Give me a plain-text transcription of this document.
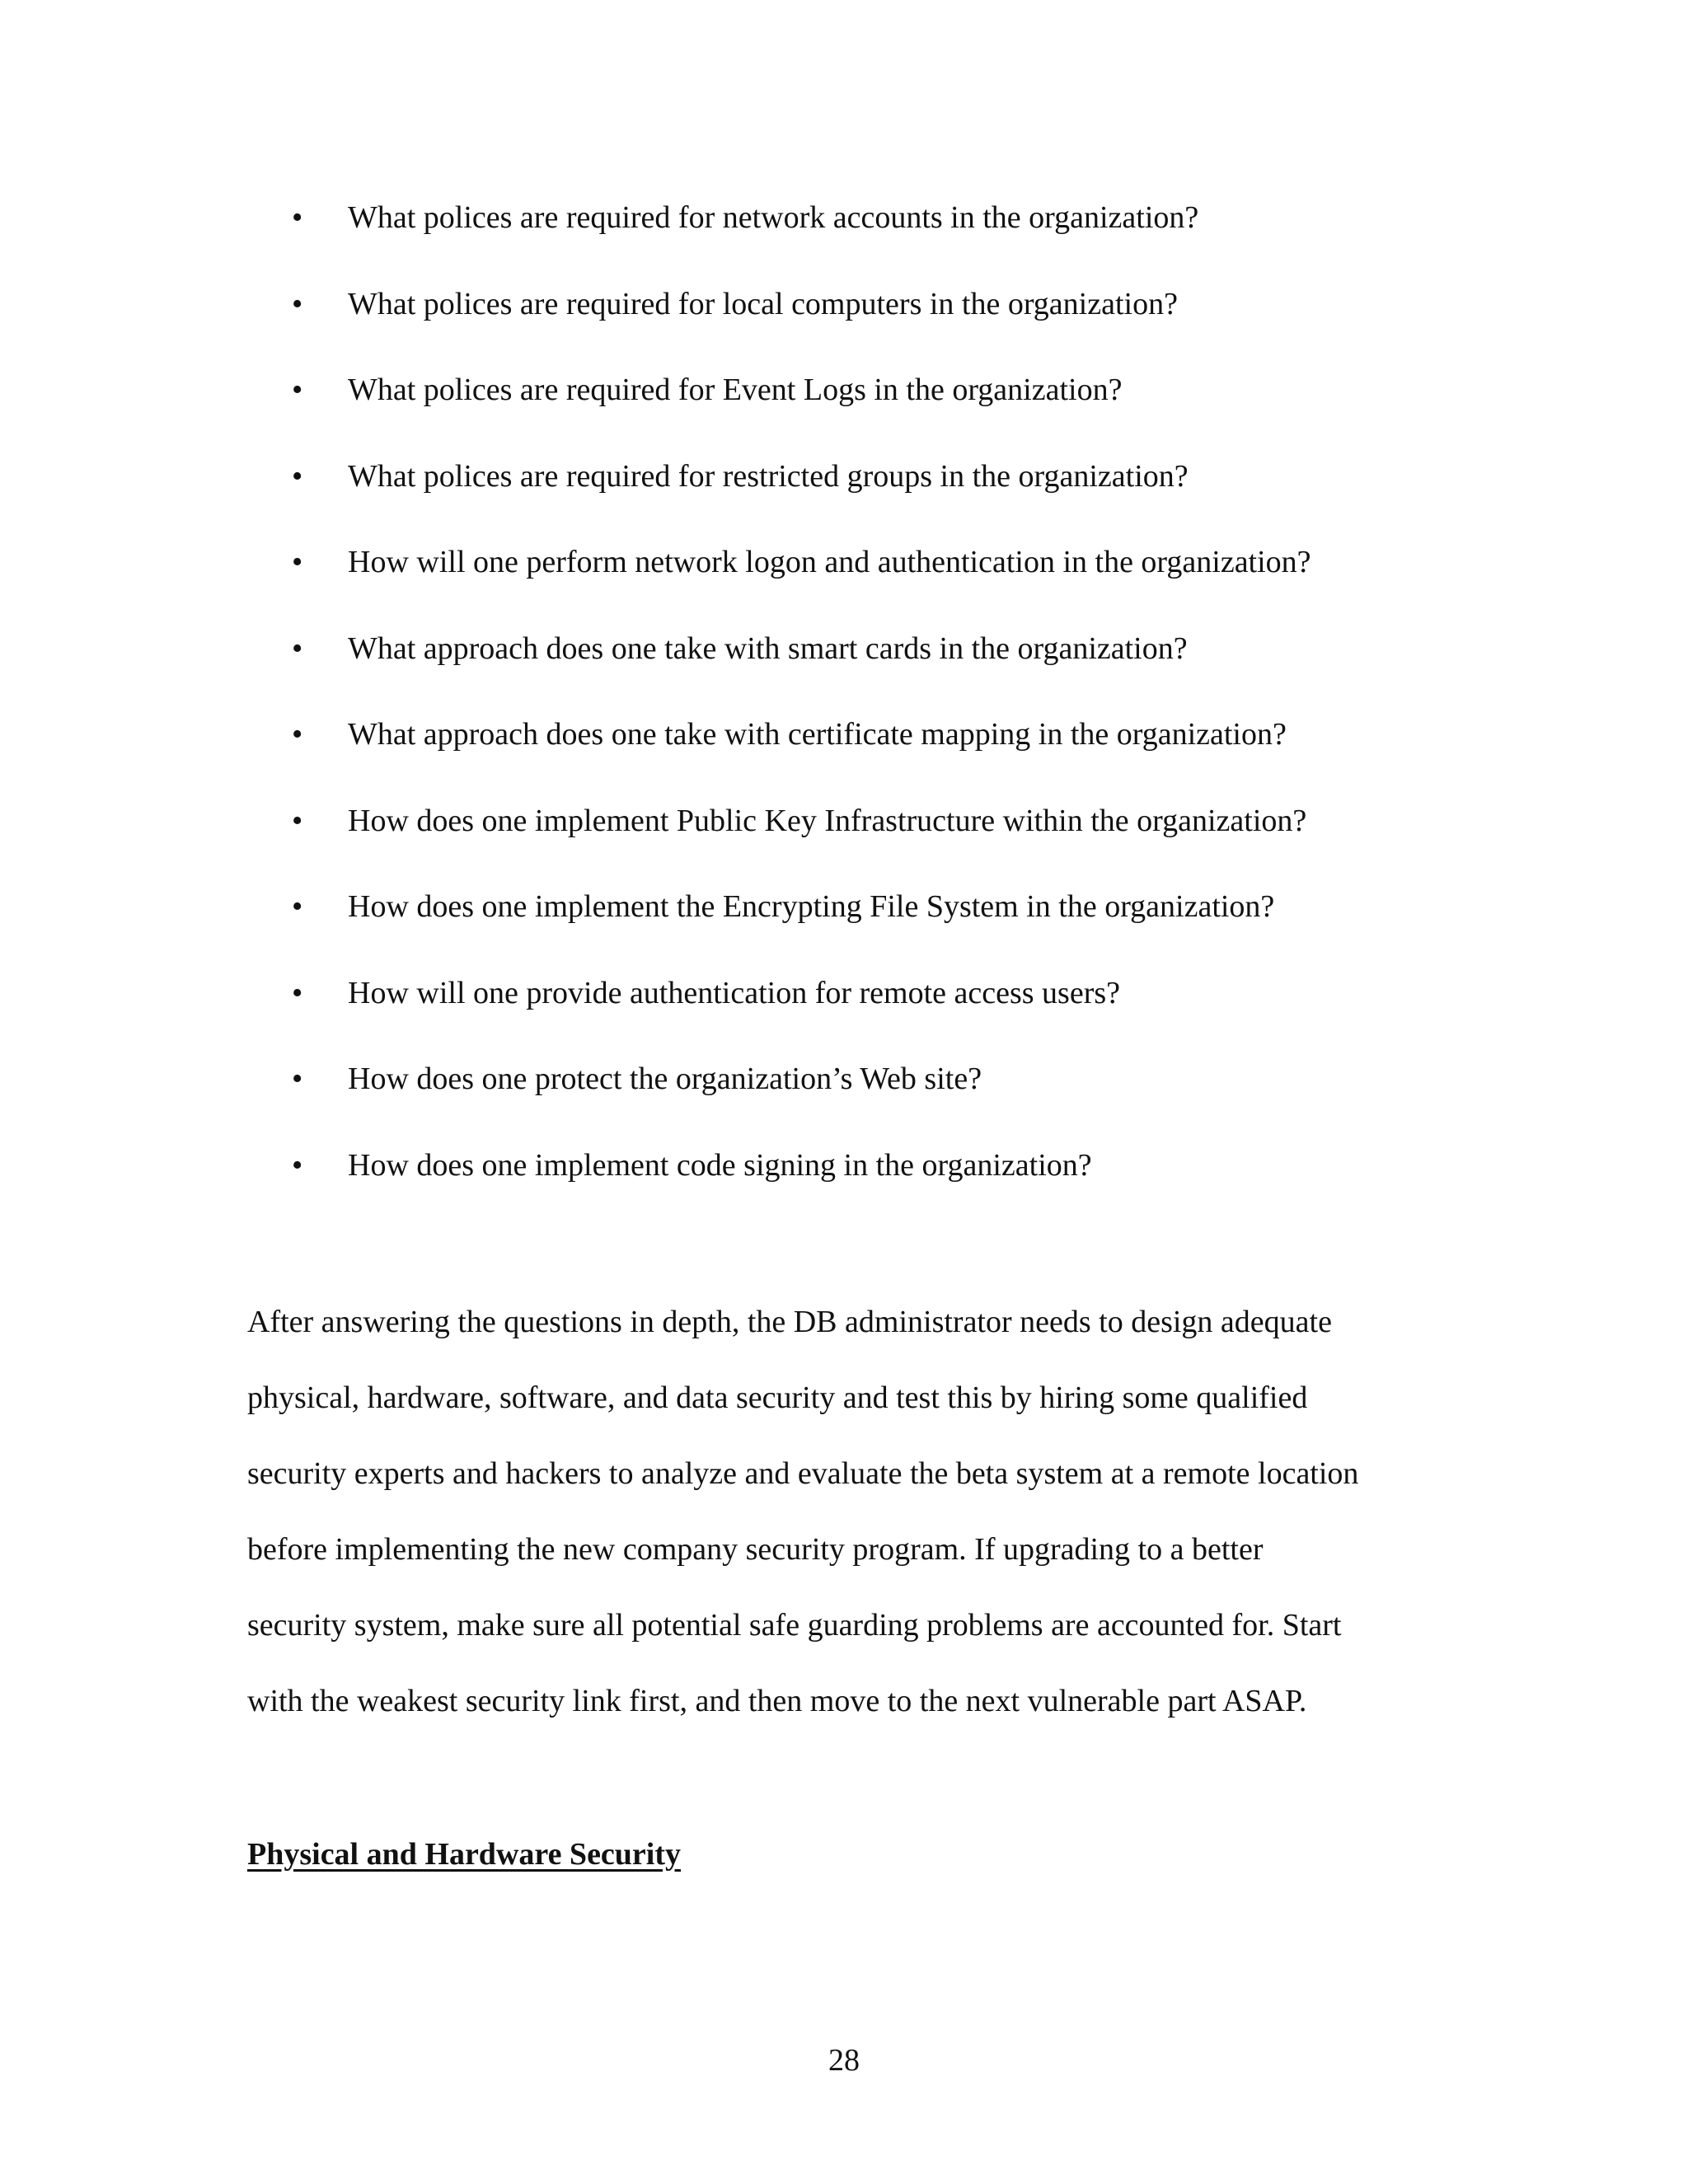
• What polices are required for network accounts in the organization?
• What polices are required for local computers in the organization?
• What polices are required for Event Logs in the organization?
• What polices are required for restricted groups in the organization?
• How will one perform network logon and authentication in the organization?
• What approach does one take with smart cards in the organization?
• What approach does one take with certificate mapping in the organization?
• How does one implement Public Key Infrastructure within the organization?
• How does one implement the Encrypting File System in the organization?
• How will one provide authentication for remote access users?
• How does one protect the organization’s Web site?
• How does one implement code signing in the organization?

After answering the questions in depth, the DB administrator needs to design adequate
physical, hardware, software, and data security and test this by hiring some qualified
security experts and hackers to analyze and evaluate the beta system at a remote location
before implementing the new company security program. If upgrading to a better
security system, make sure all potential safe guarding problems are accounted for. Start
with the weakest security link first, and then move to the next vulnerable part ASAP.

Physical and Hardware Security
28
